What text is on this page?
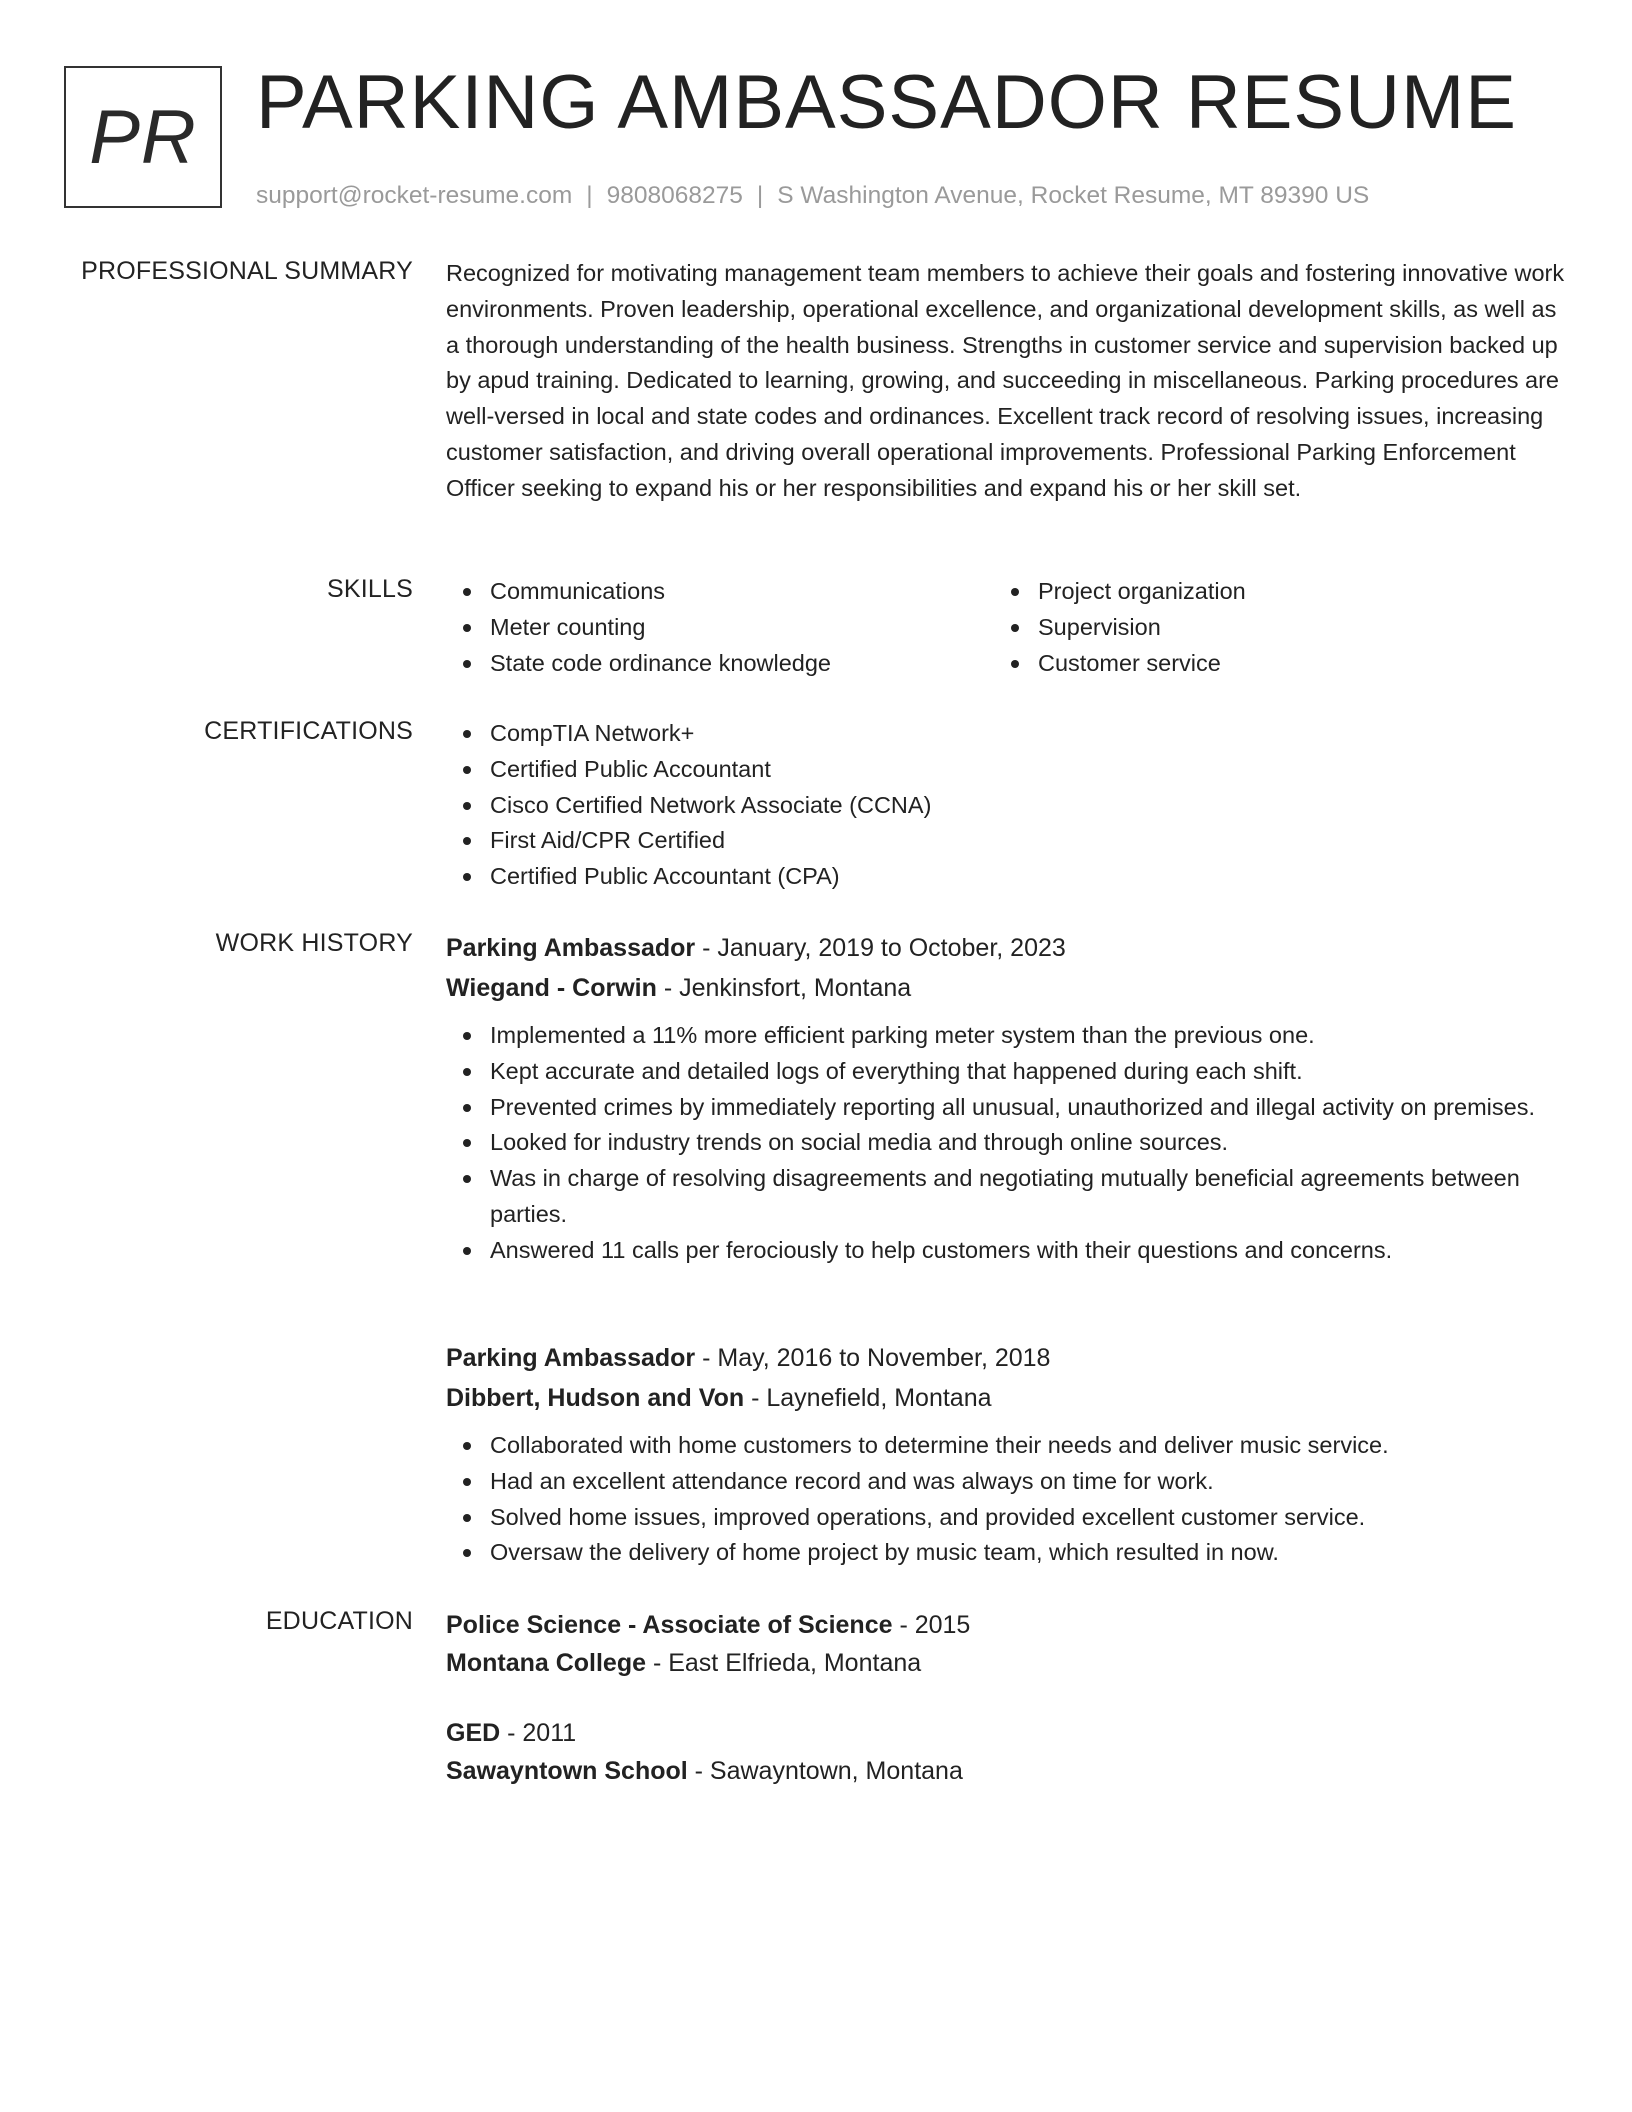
PR PARKING AMBASSADOR RESUME
support@rocket-resume.com | 9808068275 | S Washington Avenue, Rocket Resume, MT 89390 US
PROFESSIONAL SUMMARY Recognized for motivating management team members to achieve their goals and fostering innovative work environments. Proven leadership, operational excellence, and organizational development skills, as well as a thorough understanding of the health business. Strengths in customer service and supervision backed up by apud training. Dedicated to learning, growing, and succeeding in miscellaneous. Parking procedures are well-versed in local and state codes and ordinances. Excellent track record of resolving issues, increasing customer satisfaction, and driving overall operational improvements. Professional Parking Enforcement Officer seeking to expand his or her responsibilities and expand his or her skill set.

SKILLS	Communications
Meter counting
State code ordinance knowledge
Project organization
Supervision
Customer service
CERTIFICATIONS	CompTIA Network+
Certified Public Accountant
Cisco Certified Network Associate (CCNA)
First Aid/CPR Certified
Certified Public Accountant (CPA)
WORK HISTORY Parking Ambassador - January, 2019 to October, 2023
Wiegand - Corwin - Jenkinsfort, Montana
Implemented a 11% more efficient parking meter system than the previous one.
Kept accurate and detailed logs of everything that happened during each shift.
Prevented crimes by immediately reporting all unusual, unauthorized and illegal activity on premises.
Looked for industry trends on social media and through online sources.
Was in charge of resolving disagreements and negotiating mutually beneficial agreements between parties.
Answered 11 calls per ferociously to help customers with their questions and concerns.
Parking Ambassador - May, 2016 to November, 2018
Dibbert, Hudson and Von - Laynefield, Montana
Collaborated with home customers to determine their needs and deliver music service.
Had an excellent attendance record and was always on time for work.
Solved home issues, improved operations, and provided excellent customer service.
Oversaw the delivery of home project by music team, which resulted in now.
EDUCATION Police Science - Associate of Science - 2015
Montana College - East Elfrieda, Montana
GED - 2011
Sawayntown School - Sawayntown, Montana
